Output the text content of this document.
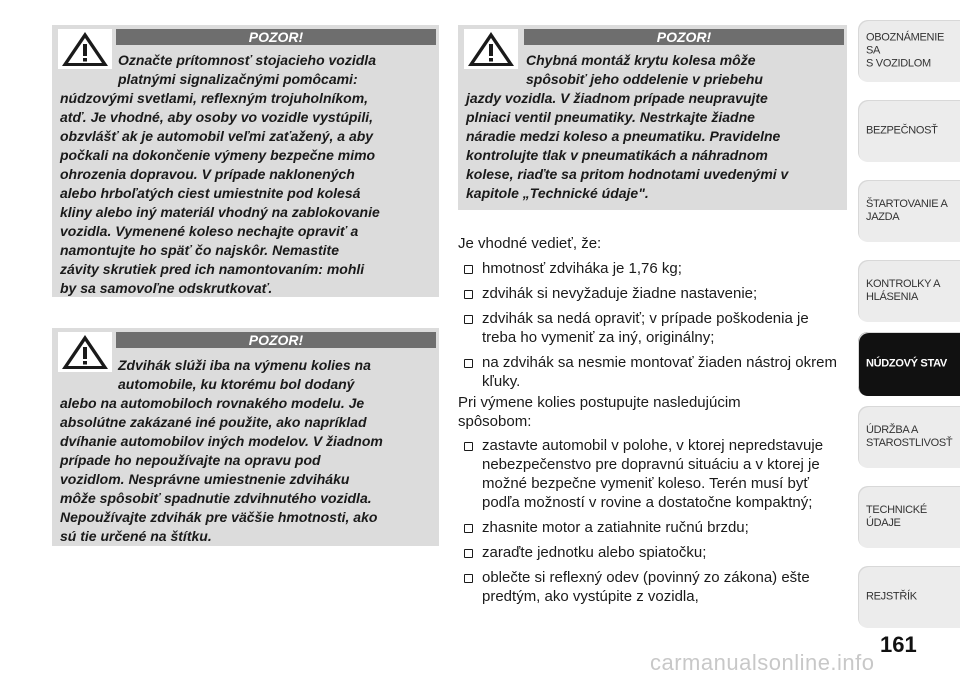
POZOR!

Označte prítomnosť stojacieho vozidla
platnými signalizačnými pomôcami:

núdzovými svetlami, reflexným trojuholníkom,
atď. Je vhodné, aby osoby vo vozidle vystúpili,
obzvlášť ak je automobil veľmi zaťažený, a aby
počkali na dokončenie výmeny bezpečne mimo
ohrozenia dopravou. V prípade naklonených
alebo hrboľatých ciest umiestnite pod kolesá
kliny alebo iný materiál vhodný na zablokovanie
vozidla. Vymenené koleso nechajte opraviť a
namontujte ho späť čo najskôr. Nemastite
závity skrutiek pred ich namontovaním: mohli
by sa samovoľne odskrutkovať.

POZOR!

Zdvihák slúži iba na výmenu kolies na
automobile, ku ktorému bol dodaný

alebo na automobiloch rovnakého modelu. Je
absolútne zakázané iné použite, ako napríklad
dvíhanie automobilov iných modelov. V žiadnom
prípade ho nepoužívajte na opravu pod
vozidlom. Nesprávne umiestnenie zdviháku
môže spôsobiť spadnutie zdvihnutého vozidla.
Nepoužívajte zdvihák pre väčšie hmotnosti, ako
sú tie určené na štítku.

POZOR!

Chybná montáž krytu kolesa môže
spôsobiť jeho oddelenie v priebehu

jazdy vozidla. V žiadnom prípade neupravujte
plniaci ventil pneumatiky. Nestrkajte žiadne
náradie medzi koleso a pneumatiku. Pravidelne
kontrolujte tlak v pneumatikách a náhradnom
kolese, riaďte sa pritom hodnotami uvedenými v
kapitole „Technické údaje".

Je vhodné vedieť, že:
hmotnosť zdviháka je 1,76 kg;
zdvihák si nevyžaduje žiadne nastavenie;
zdvihák sa nedá opraviť; v prípade poškodenia je treba ho vymeniť za iný, originálny;
na zdvihák sa nesmie montovať žiaden nástroj okrem kľuky.
Pri výmene kolies postupujte nasledujúcim spôsobom:
zastavte automobil v polohe, v ktorej nepredstavuje nebezpečenstvo pre dopravnú situáciu a v ktorej je možné bezpečne vymeniť koleso. Terén musí byť podľa možností v rovine a dostatočne kompaktný;
zhasnite motor a zatiahnite ručnú brzdu;
zaraďte jednotku alebo spiatočku;
oblečte si reflexný odev (povinný zo zákona) ešte predtým, ako vystúpite z vozidla,
OBOZNÁMENIE SA
S VOZIDLOM
BEZPEČNOSŤ
ŠTARTOVANIE A
JAZDA
KONTROLKY A
HLÁSENIA
NÚDZOVÝ STAV
ÚDRŽBA A
STAROSTLIVOSŤ
TECHNICKÉ ÚDAJE
REJSTŘÍK
161
carmanualsonline.info
